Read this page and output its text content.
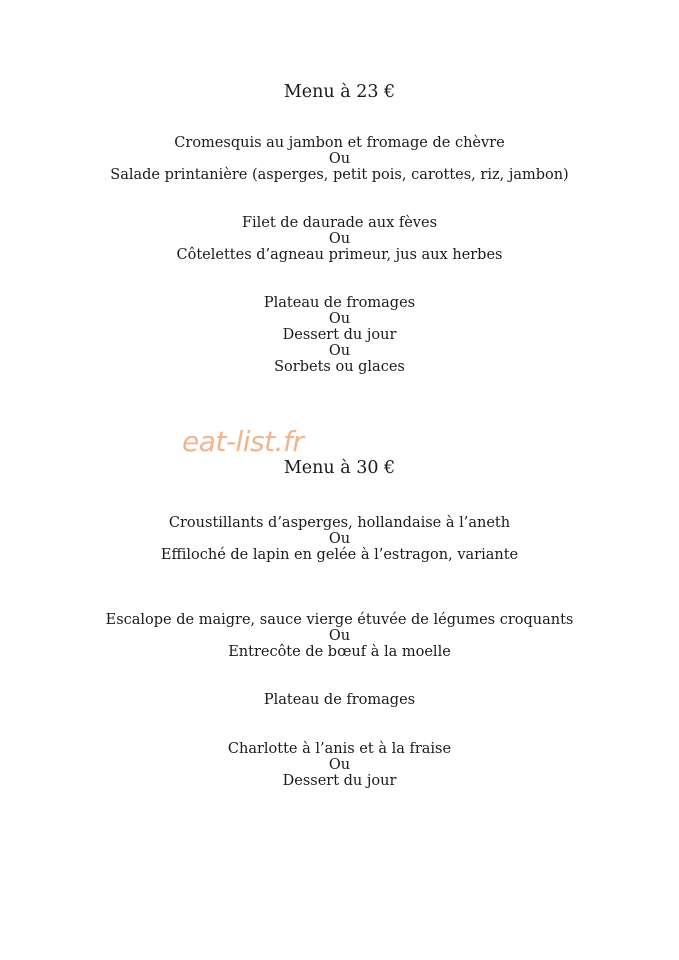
Menu à 23 €
Cromesquis au jambon et fromage de chèvre
Ou
Salade printanière (asperges, petit pois, carottes, riz, jambon)
Filet de daurade aux fèves
Ou
Côtelettes d’agneau primeur, jus aux herbes
Plateau de fromages
Ou
Dessert du jour
Ou
Sorbets ou glaces
eat-list.fr
Menu à 30 €
Croustillants d’asperges, hollandaise à l’aneth
Ou
Effiloché de lapin en gelée à l’estragon, variante
Escalope de maigre, sauce vierge étuvée de légumes croquants
Ou
Entrecôte de bœuf à la moelle
Plateau de fromages
Charlotte à l’anis et à la fraise
Ou
Dessert du jour
